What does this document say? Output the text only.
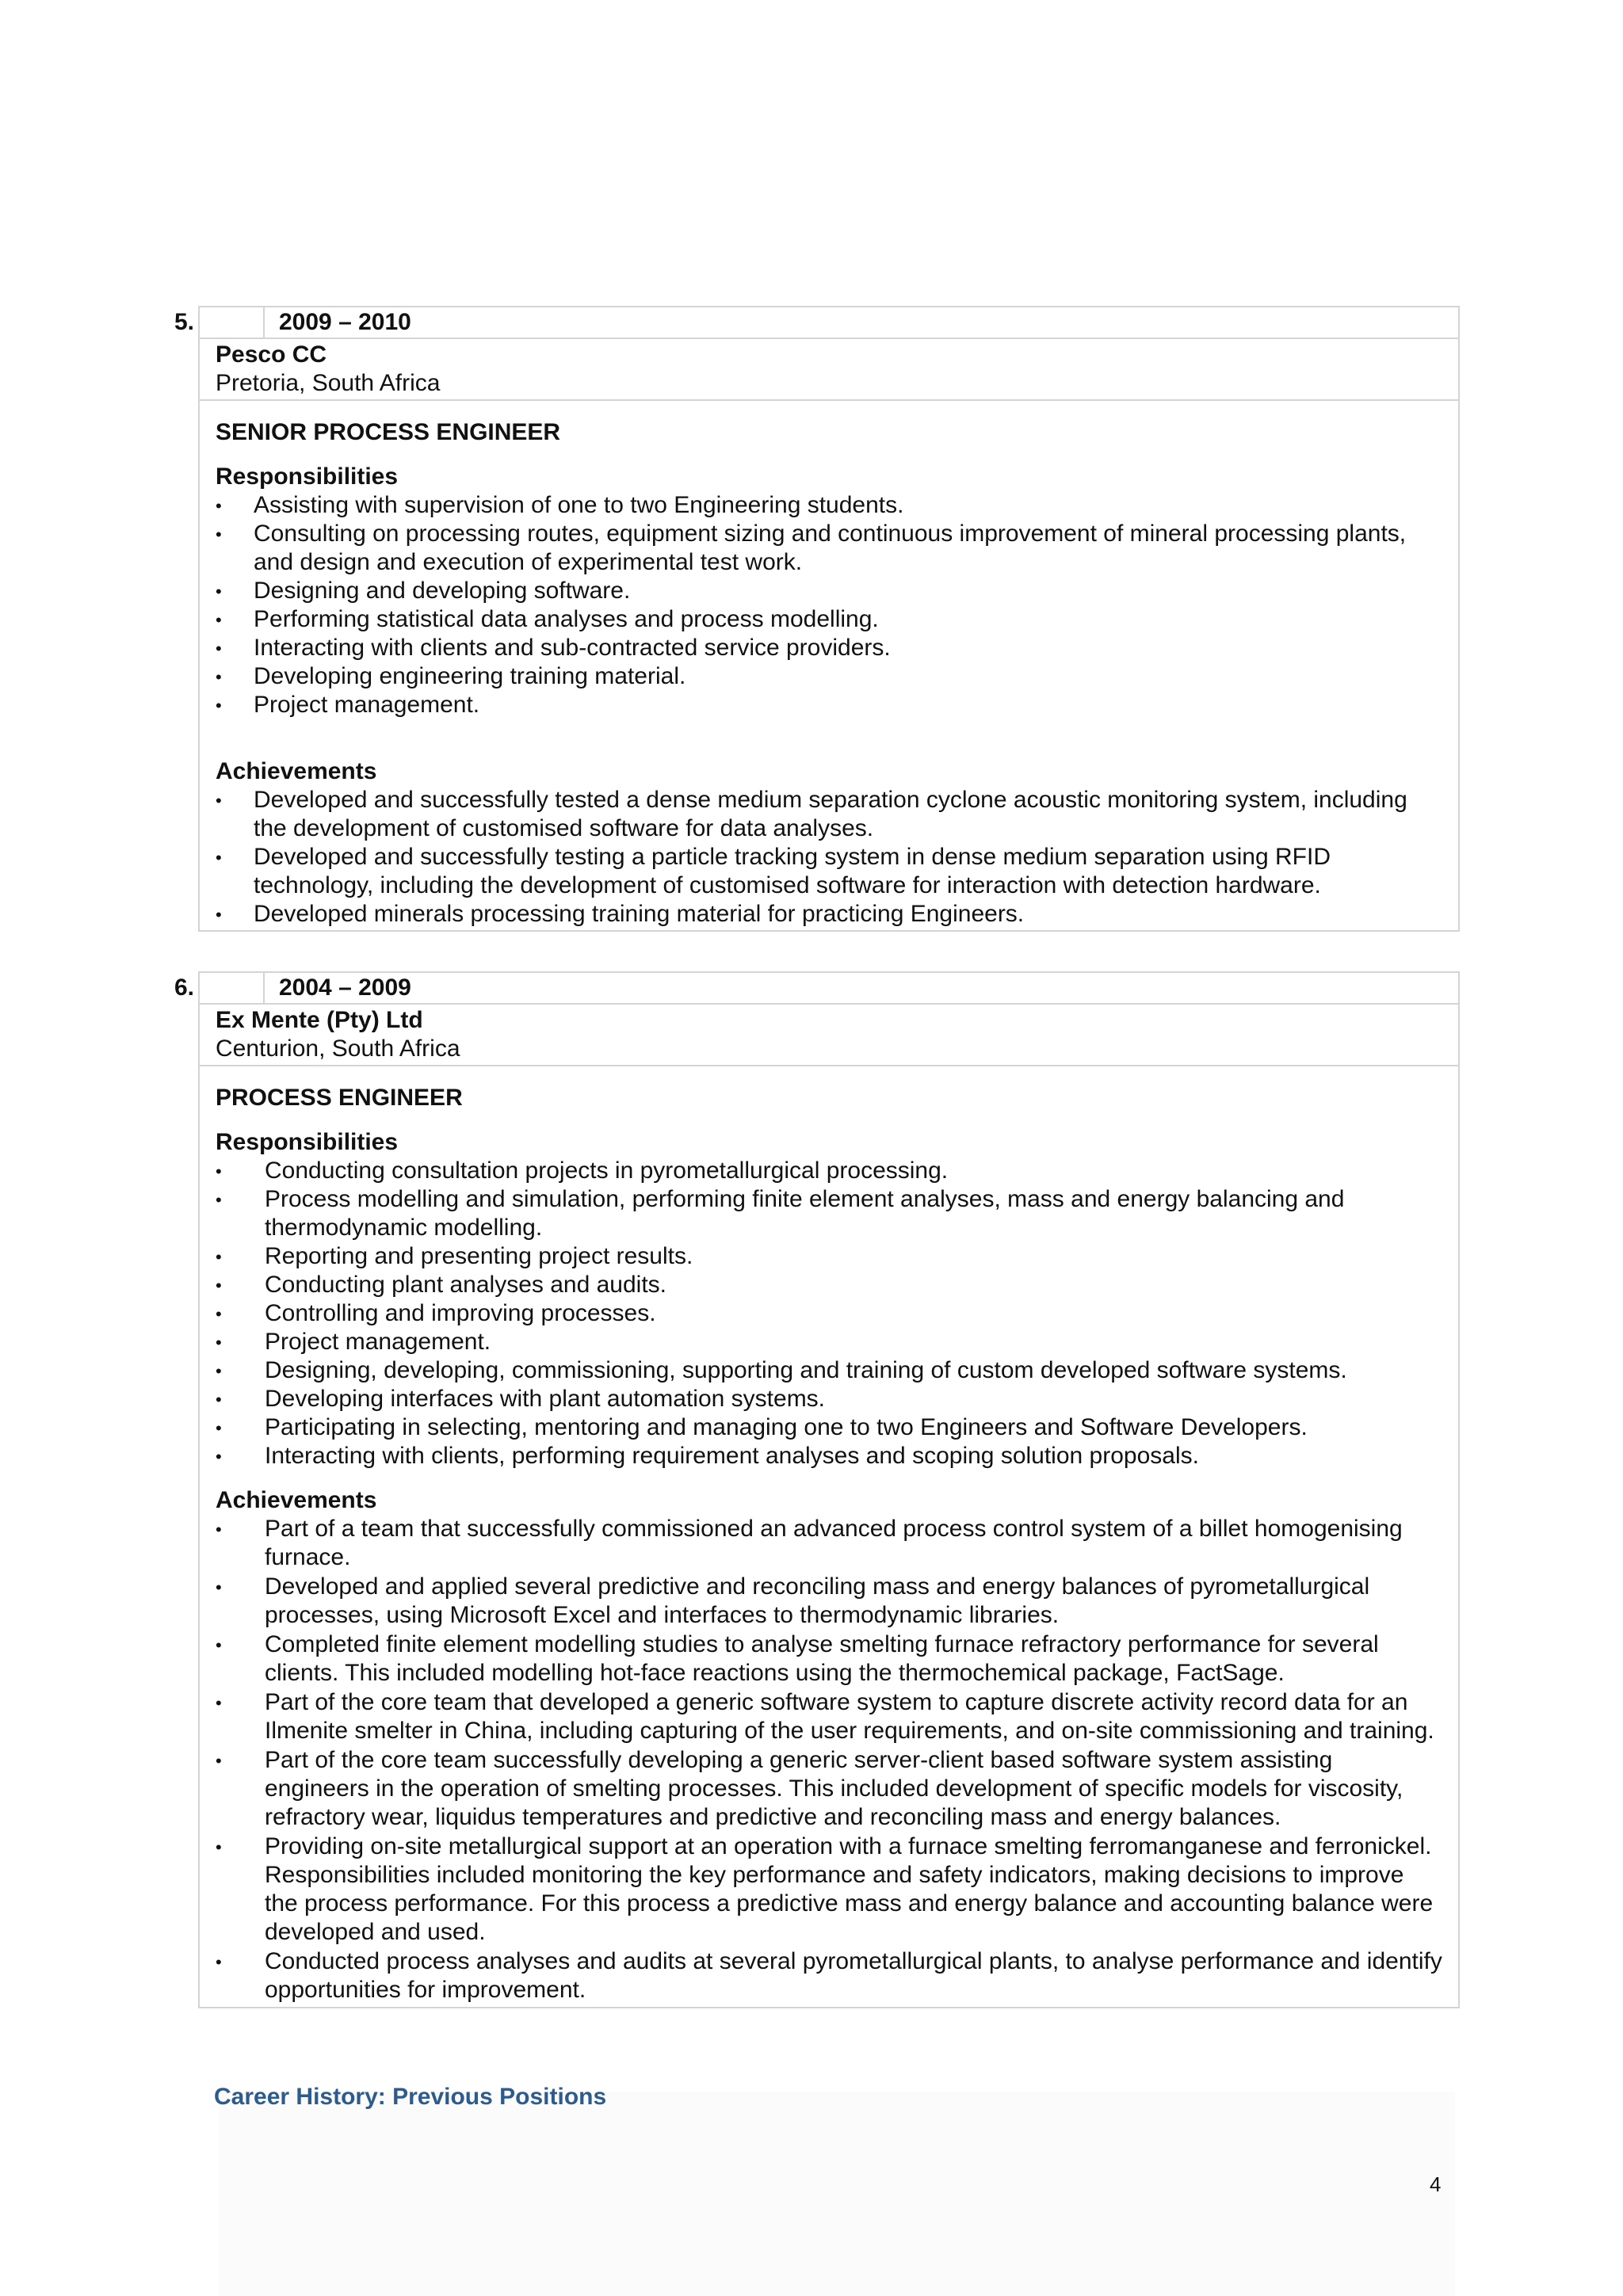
5.	2009 – 2010
Pesco CC
Pretoria, South Africa
SENIOR PROCESS ENGINEER
Responsibilities
• Assisting with supervision of one to two Engineering students.
• Consulting on processing routes, equipment sizing and continuous improvement of mineral processing plants, and design and execution of experimental test work.
• Designing and developing software.
• Performing statistical data analyses and process modelling.
• Interacting with clients and sub-contracted service providers.
• Developing engineering training material.
• Project management.
Achievements
• Developed and successfully tested a dense medium separation cyclone acoustic monitoring system, including the development of customised software for data analyses.
• Developed and successfully testing a particle tracking system in dense medium separation using RFID technology, including the development of customised software for interaction with detection hardware.
• Developed minerals processing training material for practicing Engineers.
6.	2004 – 2009
Ex Mente (Pty) Ltd
Centurion, South Africa
PROCESS ENGINEER
Responsibilities
• Conducting consultation projects in pyrometallurgical processing.
• Process modelling and simulation, performing finite element analyses, mass and energy balancing and thermodynamic modelling.
• Reporting and presenting project results.
• Conducting plant analyses and audits.
• Controlling and improving processes.
• Project management.
• Designing, developing, commissioning, supporting and training of custom developed software systems.
• Developing interfaces with plant automation systems.
• Participating in selecting, mentoring and managing one to two Engineers and Software Developers.
• Interacting with clients, performing requirement analyses and scoping solution proposals.
Achievements
• Part of a team that successfully commissioned an advanced process control system of a billet homogenising furnace.
• Developed and applied several predictive and reconciling mass and energy balances of pyrometallurgical processes, using Microsoft Excel and interfaces to thermodynamic libraries.
• Completed finite element modelling studies to analyse smelting furnace refractory performance for several clients. This included modelling hot-face reactions using the thermochemical package, FactSage.
• Part of the core team that developed a generic software system to capture discrete activity record data for an Ilmenite smelter in China, including capturing of the user requirements, and on-site commissioning and training.
• Part of the core team successfully developing a generic server-client based software system assisting engineers in the operation of smelting processes. This included development of specific models for viscosity, refractory wear, liquidus temperatures and predictive and reconciling mass and energy balances.
• Providing on-site metallurgical support at an operation with a furnace smelting ferromanganese and ferronickel. Responsibilities included monitoring the key performance and safety indicators, making decisions to improve the process performance. For this process a predictive mass and energy balance and accounting balance were developed and used.
• Conducted process analyses and audits at several pyrometallurgical plants, to analyse performance and identify opportunities for improvement.
Career History: Previous Positions
4
